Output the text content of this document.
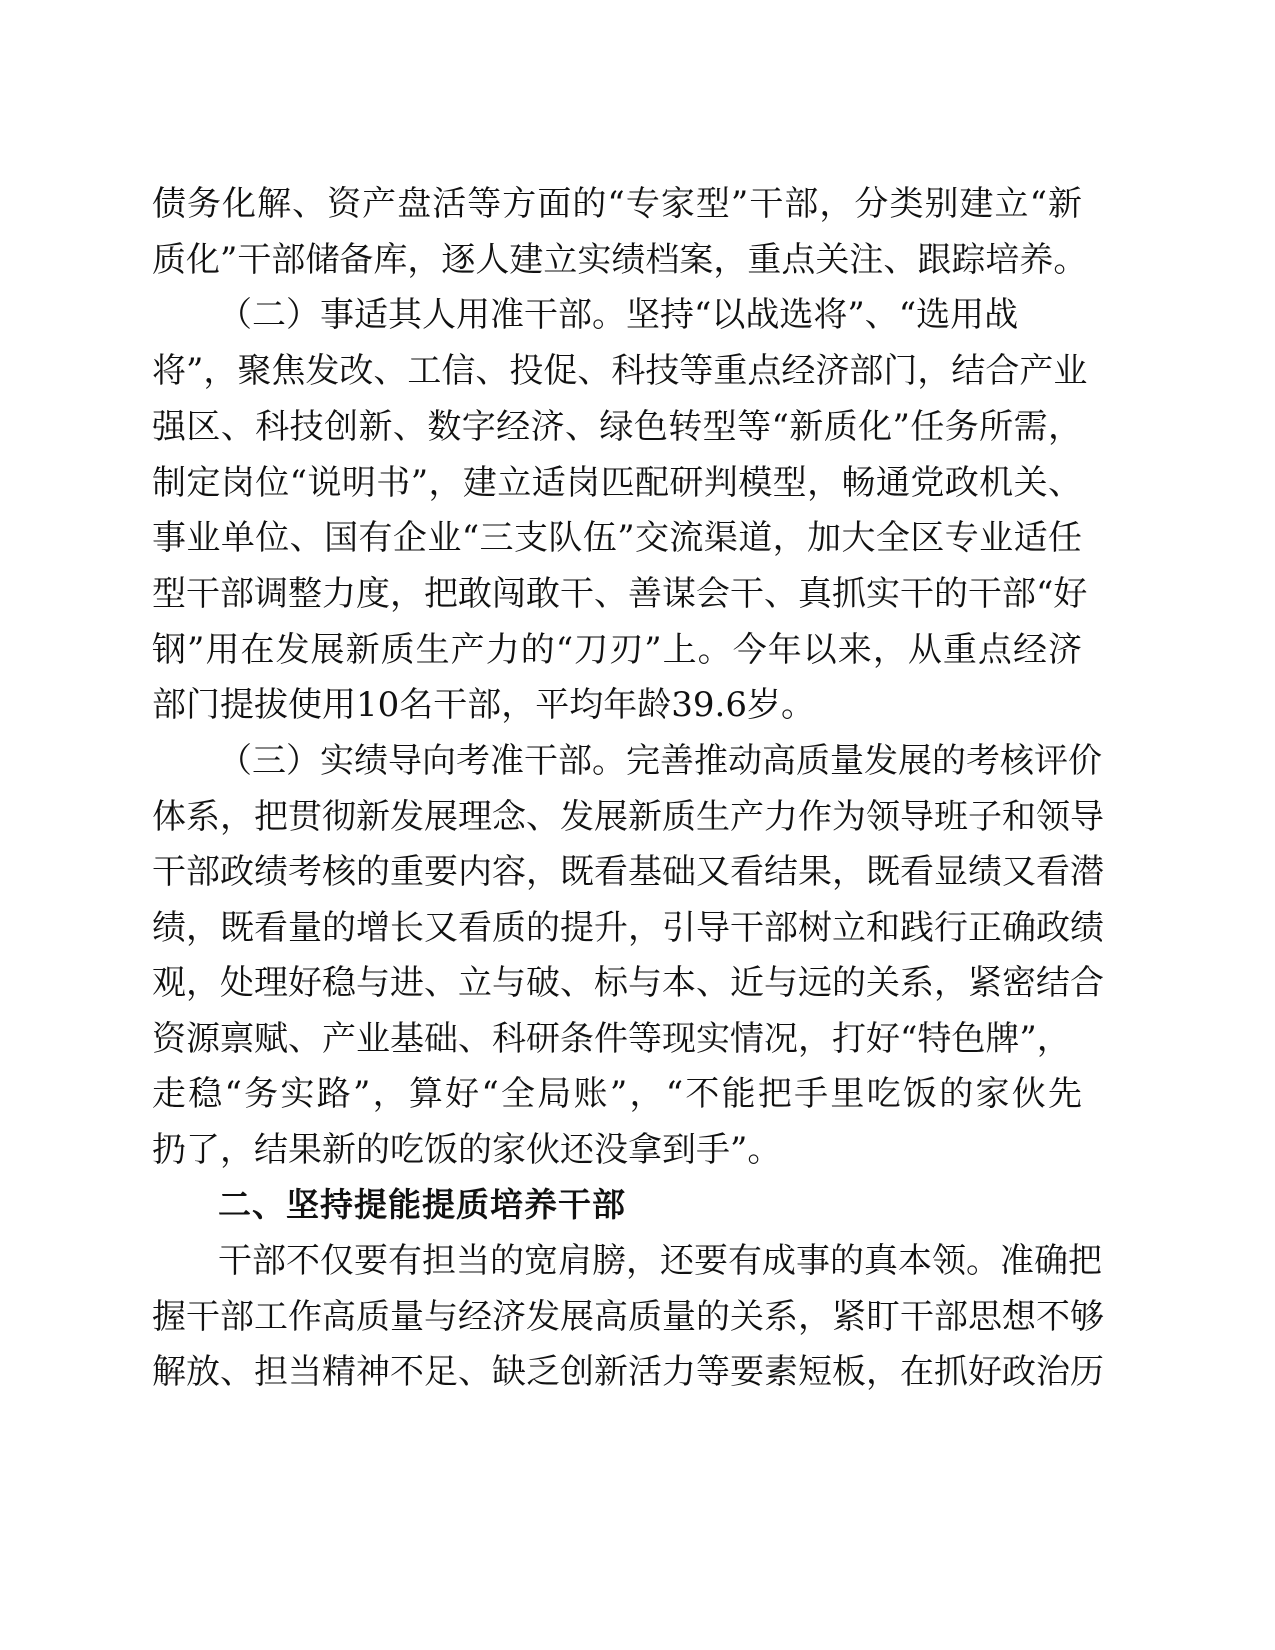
债务化解、资产盘活等方面的“专家型”干部，分类别建立“新
质化”干部储备库，逐人建立实绩档案，重点关注、跟踪培养。
（二）事适其人用准干部。坚持“以战选将”、“选用战
将”，聚焦发改、工信、投促、科技等重点经济部门，结合产业
强区、科技创新、数字经济、绿色转型等“新质化”任务所需，
制定岗位“说明书”，建立适岗匹配研判模型，畅通党政机关、
事业单位、国有企业“三支队伍”交流渠道，加大全区专业适任
型干部调整力度，把敢闯敢干、善谋会干、真抓实干的干部“好
钢”用在发展新质生产力的“刀刃”上。今年以来，从重点经济
部门提拔使用10名干部，平均年龄39.6岁。
（三）实绩导向考准干部。完善推动高质量发展的考核评价
体系，把贯彻新发展理念、发展新质生产力作为领导班子和领导
干部政绩考核的重要内容，既看基础又看结果，既看显绩又看潜
绩，既看量的增长又看质的提升，引导干部树立和践行正确政绩
观，处理好稳与进、立与破、标与本、近与远的关系，紧密结合
资源禀赋、产业基础、科研条件等现实情况，打好“特色牌”，
走稳“务实路”，算好“全局账”，“不能把手里吃饭的家伙先
扔了，结果新的吃饭的家伙还没拿到手”。
二、坚持提能提质培养干部
干部不仅要有担当的宽肩膀，还要有成事的真本领。准确把
握干部工作高质量与经济发展高质量的关系，紧盯干部思想不够
解放、担当精神不足、缺乏创新活力等要素短板，在抓好政治历
